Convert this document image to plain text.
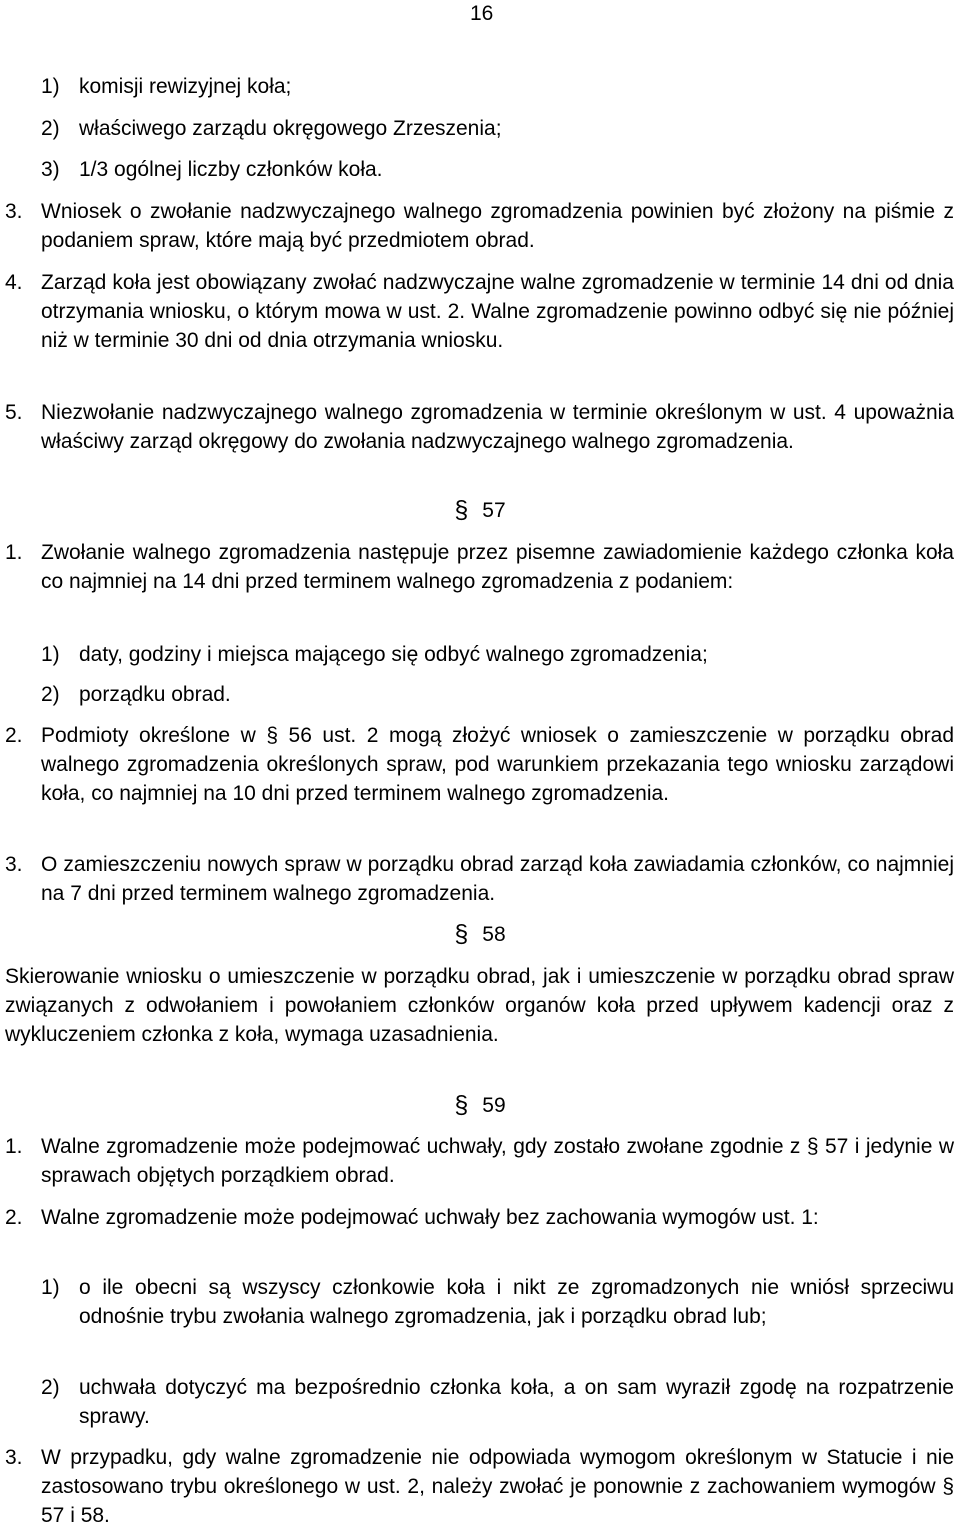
16
1) komisji rewizyjnej koła;
2) właściwego zarządu okręgowego Zrzeszenia;
3) 1/3 ogólnej liczby członków koła.
3. Wniosek o zwołanie nadzwyczajnego walnego zgromadzenia powinien być złożony na piśmie z podaniem spraw, które mają być przedmiotem obrad.
4. Zarząd koła jest obowiązany zwołać nadzwyczajne walne zgromadzenie w terminie 14 dni od dnia otrzymania wniosku, o którym mowa w ust. 2. Walne zgromadzenie powinno odbyć się nie później niż w terminie 30 dni od dnia otrzymania wniosku.
5. Niezwołanie nadzwyczajnego walnego zgromadzenia w terminie określonym w ust. 4 upoważnia właściwy zarząd okręgowy do zwołania nadzwyczajnego walnego zgromadzenia.
§ 57
1. Zwołanie walnego zgromadzenia następuje przez pisemne zawiadomienie każdego członka koła co najmniej na 14 dni przed terminem walnego zgromadzenia z podaniem:
1) daty, godziny i miejsca mającego się odbyć walnego zgromadzenia;
2) porządku obrad.
2. Podmioty określone w § 56 ust. 2 mogą złożyć wniosek o zamieszczenie w porządku obrad walnego zgromadzenia określonych spraw, pod warunkiem przekazania tego wniosku zarządowi koła, co najmniej na 10 dni przed terminem walnego zgromadzenia.
3. O zamieszczeniu nowych spraw w porządku obrad zarząd koła zawiadamia członków, co najmniej na 7 dni przed terminem walnego zgromadzenia.
§ 58
Skierowanie wniosku o umieszczenie w porządku obrad, jak i umieszczenie w porządku obrad spraw związanych z odwołaniem i powołaniem członków organów koła przed upływem kadencji oraz z wykluczeniem członka z koła, wymaga uzasadnienia.
§ 59
1. Walne zgromadzenie może podejmować uchwały, gdy zostało zwołane zgodnie z § 57 i jedynie w sprawach objętych porządkiem obrad.
2. Walne zgromadzenie może podejmować uchwały bez zachowania wymogów ust. 1:
1) o ile obecni są wszyscy członkowie koła i nikt ze zgromadzonych nie wniósł sprzeciwu odnośnie trybu zwołania walnego zgromadzenia, jak i porządku obrad lub;
2) uchwała dotyczyć ma bezpośrednio członka koła, a on sam wyraził zgodę na rozpatrzenie sprawy.
3. W przypadku, gdy walne zgromadzenie nie odpowiada wymogom określonym w Statucie i nie zastosowano trybu określonego w ust. 2, należy zwołać je ponownie z zachowaniem wymogów § 57 i 58.
